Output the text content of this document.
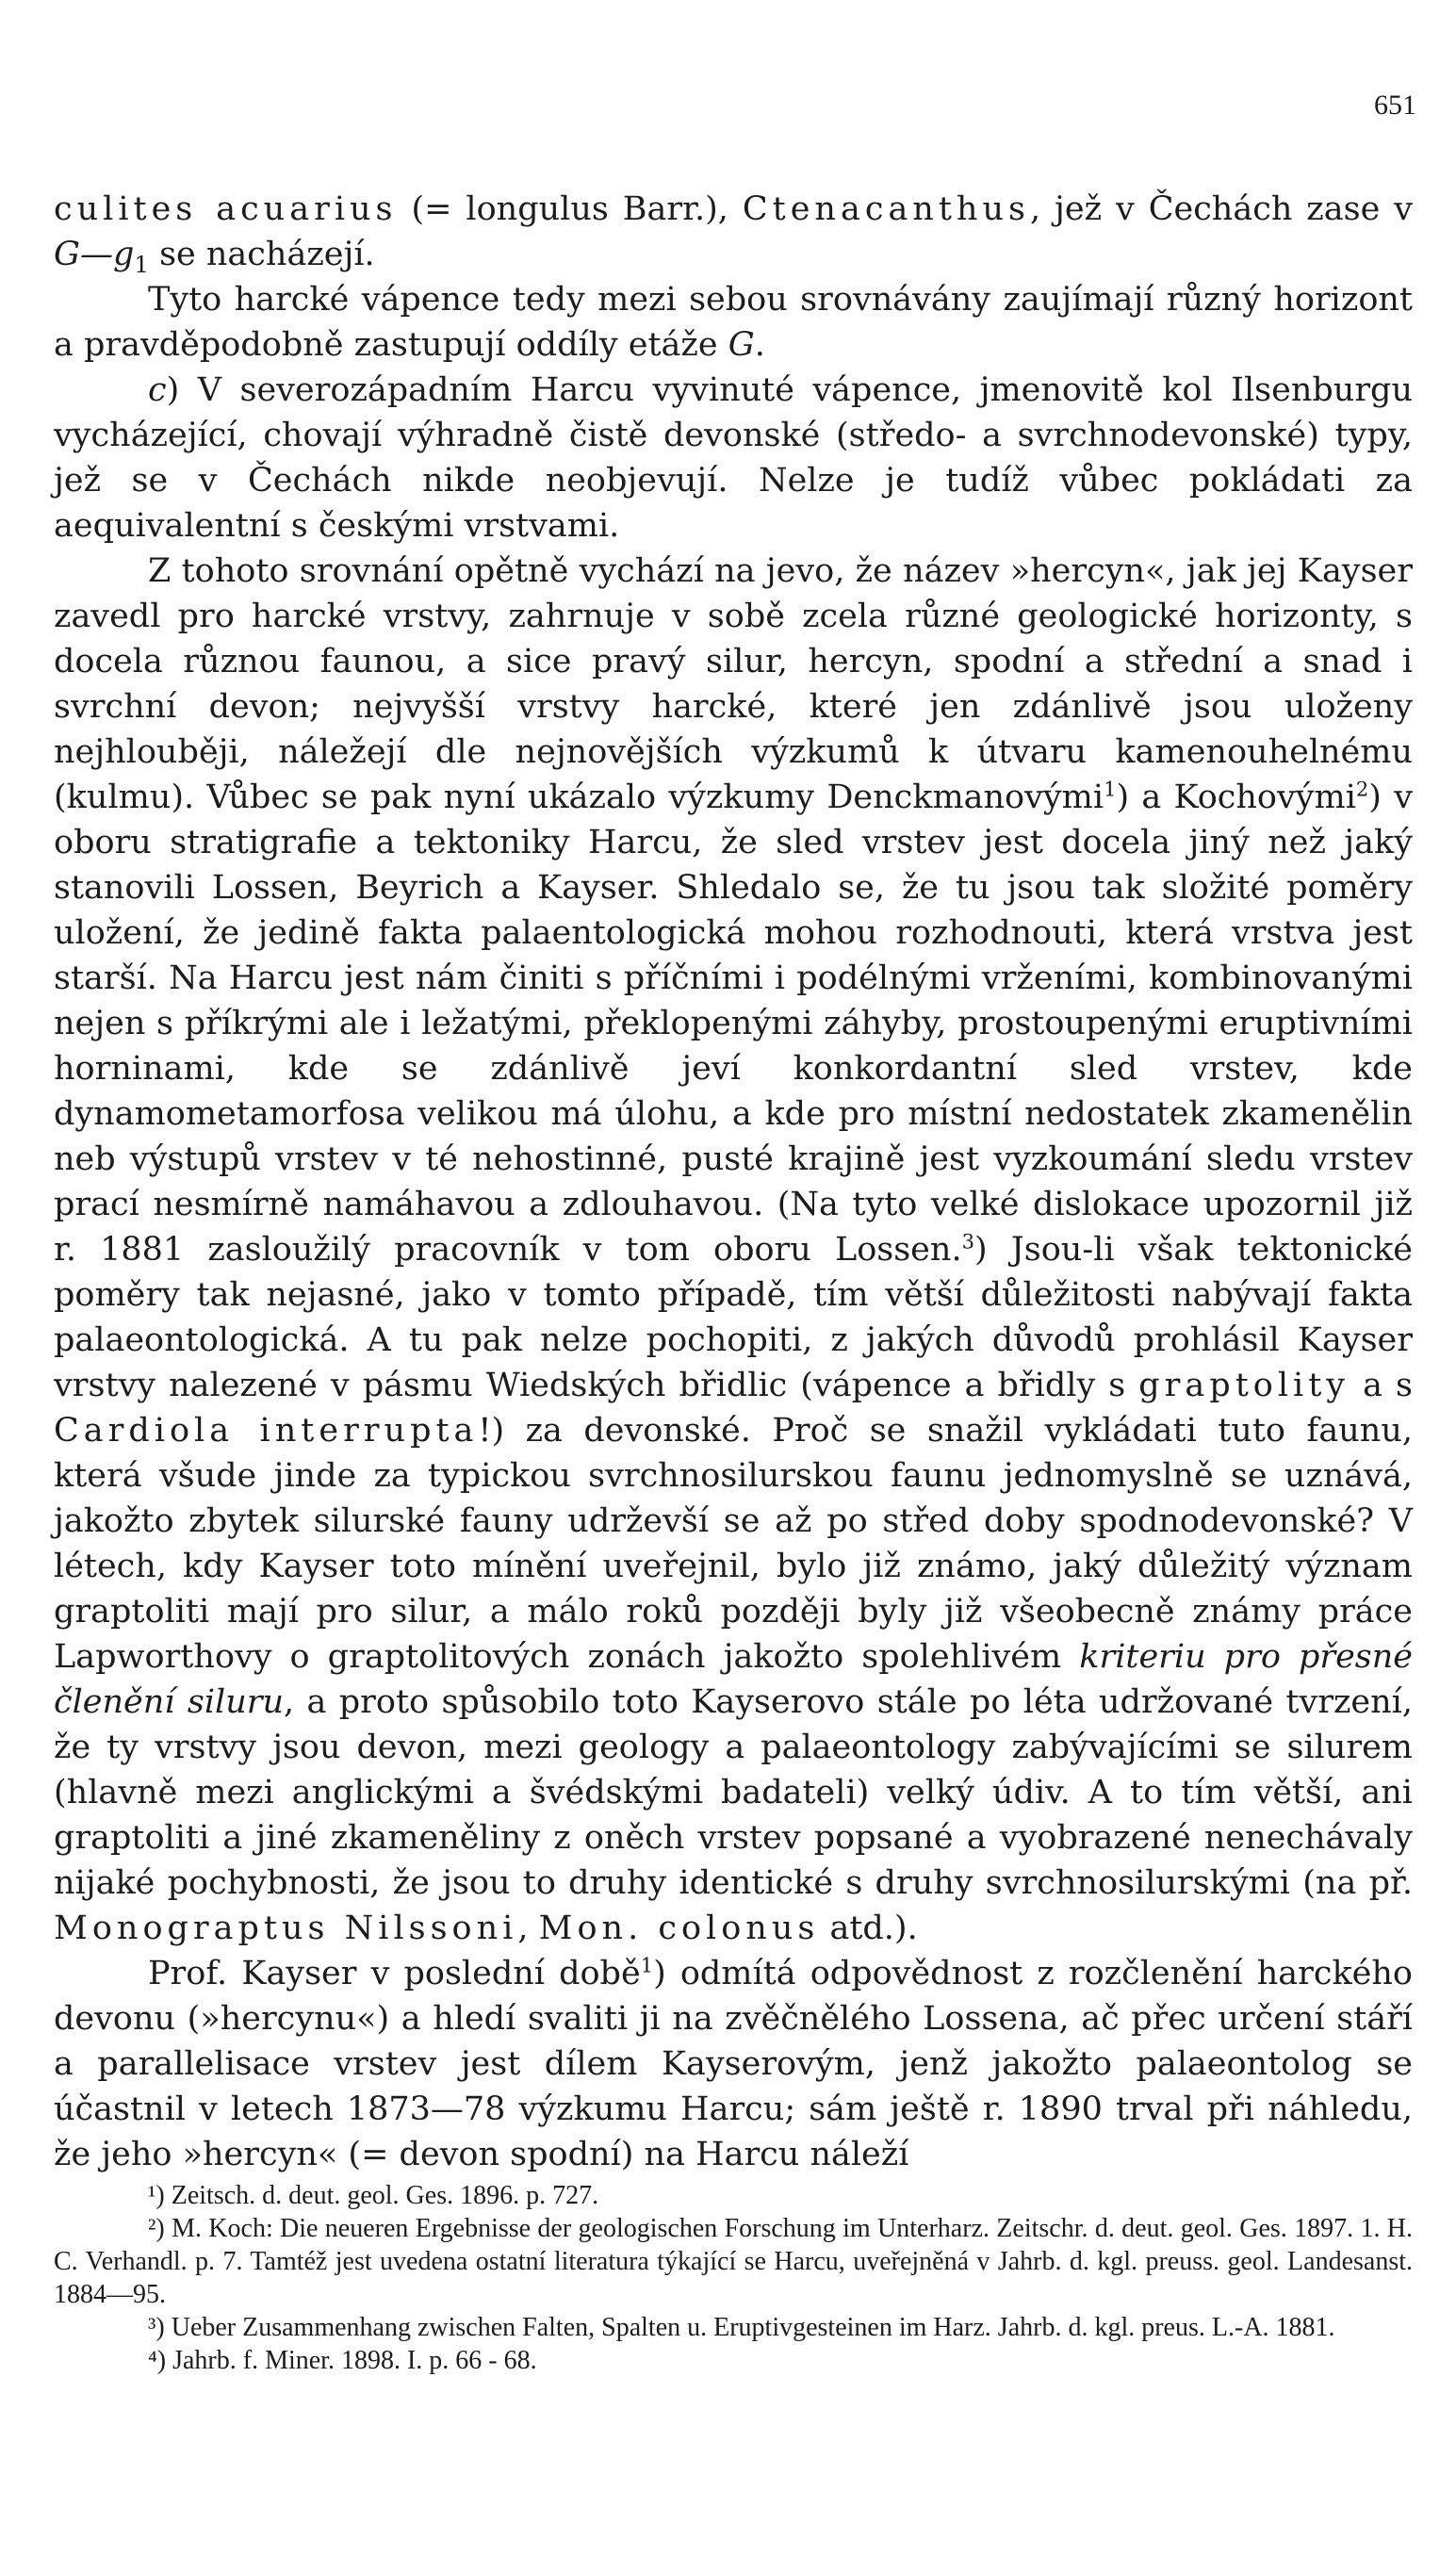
651

culites acuarius (= longulus Barr.), Ctenacanthus, jež v Čechách zase v $G—g_1$ se nacházejí.

Tyto harcké vápence tedy mezi sebou srovnávány zaujímají různý horizont a pravděpodobně zastupují oddíly etáže G.

c) V severozápadním Harcu vyvinuté vápence, jmenovitě kol Ilsenburgu vycházející, chovají výhradně čistě devonské (středo- a svrchnodevonské) typy, jež se v Čechách nikde neobjevují. Nelze je tudíž vůbec pokládati za aequivalentní s českými vrstvami.

Z tohoto srovnání opětně vychází na jevo, že název »hercyn«, jak jej Kayser zavedl pro harcké vrstvy, zahrnuje v sobě zcela různé geologické horizonty, s docela různou faunou, a sice pravý silur, hercyn, spodní a střední a snad i svrchní devon; nejvyšší vrstvy harcké, které jen zdánlivě jsou uloženy nejhlouběji, náležejí dle nejnovějších výzkumů k útvaru kamenouhelnému (kulmu). Vůbec se pak nyní ukázalo výzkumy Denckmanovými$^1$) a Kochovými$^2$) v oboru stratigrafie a tektoniky Harcu, že sled vrstev jest docela jiný než jaký stanovili Lossen, Beyrich a Kayser. Shledalo se, že tu jsou tak složité poměry uložení, že jedině fakta palaentologická mohou rozhodnouti, která vrstva jest starší. Na Harcu jest nám činiti s příčními i podélnými vrženími, kombinovanými nejen s příkrými ale i ležatými, překlopenými záhyby, prostoupenými eruptivními horninami, kde se zdánlivě jeví konkordantní sled vrstev, kde dynamometamorfosa velikou má úlohu, a kde pro místní nedostatek zkamenělin neb výstupů vrstev v té nehostinné, pusté krajině jest vyzkoumání sledu vrstev prací nesmírně namáhavou a zdlouhavou. (Na tyto velké dislokace upozornil již r. 1881 zasloužilý pracovník v tom oboru Lossen.$^3$) Jsou-li však tektonické poměry tak nejasné, jako v tomto případě, tím větší důležitosti nabývají fakta palaeontologická. A tu pak nelze pochopiti, z jakých důvodů prohlásil Kayser vrstvy nalezené v pásmu Wiedských břidlic (vápence a břidly s graptolity a s Cardiola interrupta!) za devonské. Proč se snažil vykládati tuto faunu, která všude jinde za typickou svrchnosilurskou faunu jednomyslně se uznává, jakožto zbytek silurské fauny udrževší se až po střed doby spodnodevonské? V létech, kdy Kayser toto mínění uveřejnil, bylo již známo, jaký důležitý význam graptoliti mají pro silur, a málo roků později byly již všeobecně známy práce Lapworthovy o graptolitových zonách jakožto spolehlivém kriteriu pro přesné členění siluru, a proto spůsobilo toto Kayserovo stále po léta udržované tvrzení, že ty vrstvy jsou devon, mezi geology a palaeontology zabývajícími se silurem (hlavně mezi anglickými a švédskými badateli) velký údiv. A to tím větší, ani graptoliti a jiné zkameněliny z oněch vrstev popsané a vyobrazené nenechávaly nijaké pochybnosti, že jsou to druhy identické s druhy svrchnosilurskými (na př. Monograptus Nilssoni, Mon. colonus atd.).

Prof. Kayser v poslední době$^1$) odmítá odpovědnost z rozčlenění harckého devonu (»hercynu«) a hledí svaliti ji na zvěčnělého Lossena, ač přec určení stáří a parallelisace vrstev jest dílem Kayserovým, jenž jakožto palaeontolog se účastnil v letech 1873—78 výzkumu Harcu; sám ještě r. 1890 trval při náhledu, že jeho »hercyn« (= devon spodní) na Harcu náleží

¹) Zeitsch. d. deut. geol. Ges. 1896. p. 727.

²) M. Koch: Die neueren Ergebnisse der geologischen Forschung im Unterharz. Zeitschr. d. deut. geol. Ges. 1897. 1. H. C. Verhandl. p. 7. Tamtéž jest uvedena ostatní literatura týkající se Harcu, uveřejněná v Jahrb. d. kgl. preuss. geol. Landesanst. 1884—95.

³) Ueber Zusammenhang zwischen Falten, Spalten u. Eruptivgesteinen im Harz. Jahrb. d. kgl. preus. L.-A. 1881.

⁴) Jahrb. f. Miner. 1898. I. p. 66 - 68.
